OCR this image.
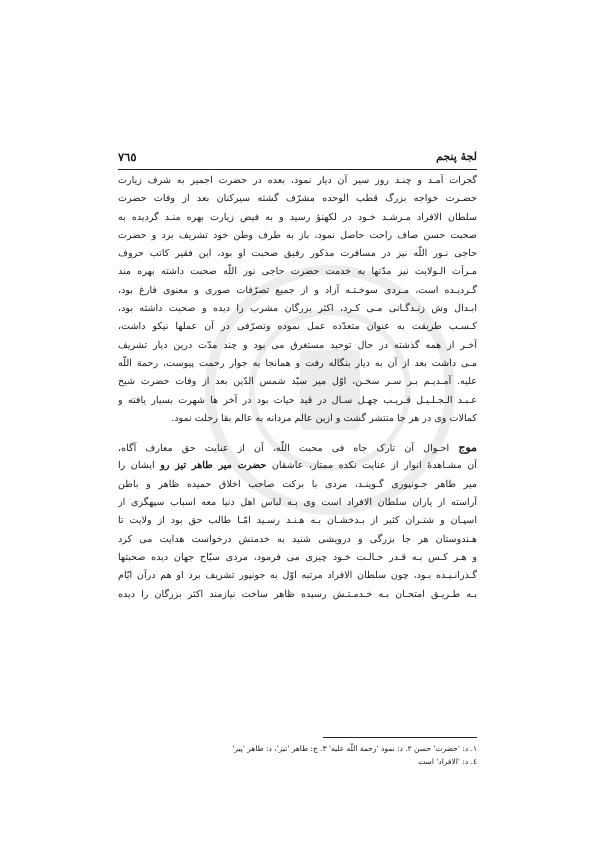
لجۀ پنجم
٧٦٥
گجرات آمـد و چنـد روز سیر آن دیار نمود، بعده در حضرت اجمیر به شرف زیارت
حضـرت خواجه بزرگ قطب الوحده مشرّف گشته سیرکنان بعد از وفات حضرت
سلطان الافراد مـرشـد خـود در لکهنؤ رسید و به فیض زیارت بهره منـد گردیده به
صحبت حسن صاف راحت حاصل نمود، باز به طرف وطن خود تشریف برد و حضرت
حاجی نـور اللّه نیز در مسافرت مذکور رفیق صحبت او بود، این فقیر کاتب حروف
مـرآت الـولایت نیز مدّتها به خدمت حضرت حاجی نور اللّه صحبت داشته بهره مند
گـردیـده است، مـردی سوخـتـه آزاد و از جمیع تصرّفات صوری و معنوی فارغ بود،
ابـدال وش زنـدگـانی مـی کـرد، اکثر بزرگان مشرب را دیده و صحبت داشته بود،
کـسـب طریقت به عنوان متعدّده عمل نموده وتصرّفی در آن عملها نیکو داشت،
آخـر از همه گذشته در حال توحید مستغرق می بود و چند مدّت درین دیار تشریف
مـی داشت بعد از آن به دیار بنگاله رفت و همانجا به جوار رحمت پیوست، رحمة اللّه
علیه. آمـدیـم بـر سـر سخـن، اوّل میر سیّد شمس الدّین بعد از وفات حضرت شیخ
عـبـد الـجـلـیـل قـریـب چهـل سـال در قید حیات بود در آخر ها شهرت بسیار یافته و
کمالات وی در هر جا منتشر گشت و ازین عالم مردانه به عالم بقا رحلت نمود.
موج احـوال آن تارک جاه فی محبت اللّه، آن از عنایت حق معارف آگاه،
آن مشـاهدۀ انوار از عنایت نکده ممتاز، عاشقان حضرت میر طاهر تیز رو ایشان را
میر طاهر جـونپوری گـوینـد، مردی با برکت صاحب اخلاق حمیده ظاهر و باطن
آراسته از یاران سلطان الافراد است وی بـه لباس اهل دنیا معه اسباب سپهگری از
اسپـان و شتـران کثیر از بـدخشـان بـه هـنـد رسـید امّـا طالب حق بود از ولایت تا
هـندوستان هر جا بزرگی و درویشی شنید به خدمتش درخواست هدایت می کرد
و هـر کـس بـه قـدر حـالـت خـود چیزی می فرمود، مردی سیّاح جهان دیده صحبتها
گـذرانـیـده بـود، چون سلطان الافراد مرتبه اوّل به جونپور تشریف برد او هم درآن ایّام
بـه طـریـق امتحـان بـه خـدمـتـش رسیده ظاهر ساخت نیازمند اکثر بزرگان را دیده
١. د: 'حضرت' حسن ٢. د: نمود 'رحمة اللّه علیه' ٣. ج: طاهر 'تیز'، د: طاهر 'پیر'
٤. د: 'الافراد' است
